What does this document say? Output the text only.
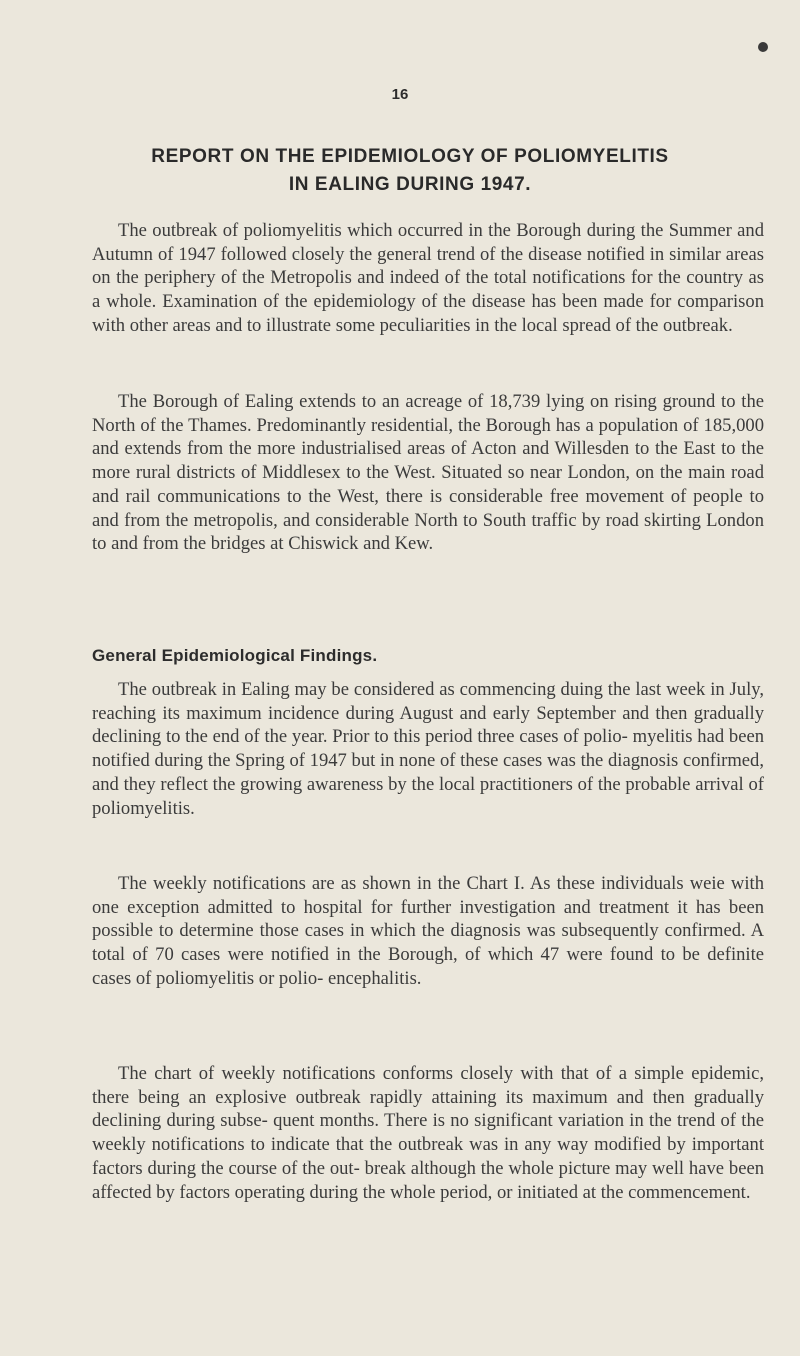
16
REPORT ON THE EPIDEMIOLOGY OF POLIOMYELITIS
IN EALING DURING 1947.

The outbreak of poliomyelitis which occurred in the Borough during the Summer and Autumn of 1947 followed closely the general trend of the disease notified in similar areas on the periphery of the Metropolis and indeed of the total notifications for the country as a whole. Examination of the epidemiology of the disease has been made for comparison with other areas and to illustrate some peculiarities in the local spread of the outbreak.

The Borough of Ealing extends to an acreage of 18,739 lying on rising ground to the North of the Thames. Predominantly residential, the Borough has a population of 185,000 and extends from the more industrialised areas of Acton and Willesden to the East to the more rural districts of Middlesex to the West. Situated so near London, on the main road and rail communications to the West, there is considerable free movement of people to and from the metropolis, and considerable North to South traffic by road skirting London to and from the bridges at Chiswick and Kew.

General Epidemiological Findings.

The outbreak in Ealing may be considered as commencing duing the last week in July, reaching its maximum incidence during August and early September and then gradually declining to the end of the year. Prior to this period three cases of polio- myelitis had been notified during the Spring of 1947 but in none of these cases was the diagnosis confirmed, and they reflect the growing awareness by the local practitioners of the probable arrival of poliomyelitis.

The weekly notifications are as shown in the Chart I. As these individuals weie with one exception admitted to hospital for further investigation and treatment it has been possible to determine those cases in which the diagnosis was subsequently confirmed. A total of 70 cases were notified in the Borough, of which 47 were found to be definite cases of poliomyelitis or polio- encephalitis.

The chart of weekly notifications conforms closely with that of a simple epidemic, there being an explosive outbreak rapidly attaining its maximum and then gradually declining during subse- quent months. There is no significant variation in the trend of the weekly notifications to indicate that the outbreak was in any way modified by important factors during the course of the out- break although the whole picture may well have been affected by factors operating during the whole period, or initiated at the commencement.
